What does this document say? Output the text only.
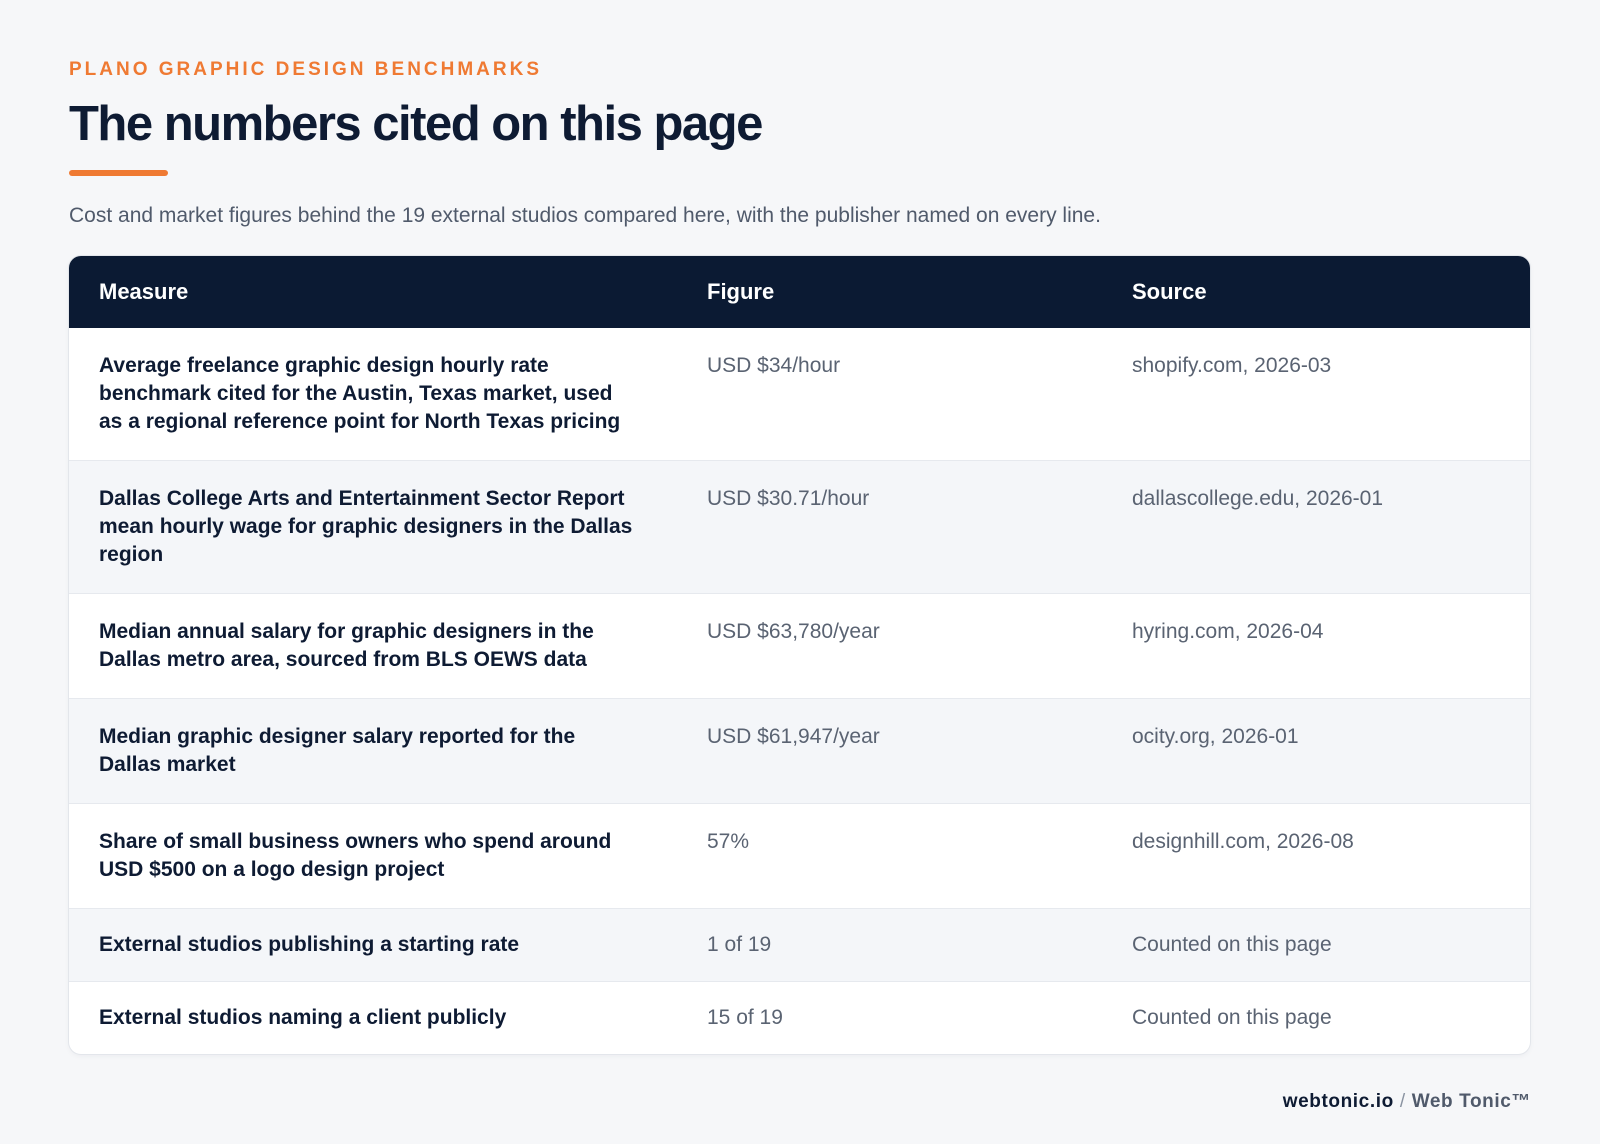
PLANO GRAPHIC DESIGN BENCHMARKS

The numbers cited on this page

Cost and market figures behind the 19 external studios compared here, with the publisher named on every line.

Measure	Figure	Source
Average freelance graphic design hourly rate benchmark cited for the Austin, Texas market, used as a regional reference point for North Texas pricing	USD $34/hour	shopify.com, 2026-03
Dallas College Arts and Entertainment Sector Report mean hourly wage for graphic designers in the Dallas region	USD $30.71/hour	dallascollege.edu, 2026-01
Median annual salary for graphic designers in the Dallas metro area, sourced from BLS OEWS data	USD $63,780/year	hyring.com, 2026-04
Median graphic designer salary reported for the Dallas market	USD $61,947/year	ocity.org, 2026-01
Share of small business owners who spend around USD $500 on a logo design project	57%	designhill.com, 2026-08
External studios publishing a starting rate	1 of 19	Counted on this page
External studios naming a client publicly	15 of 19	Counted on this page
webtonic.io / Web Tonic™
